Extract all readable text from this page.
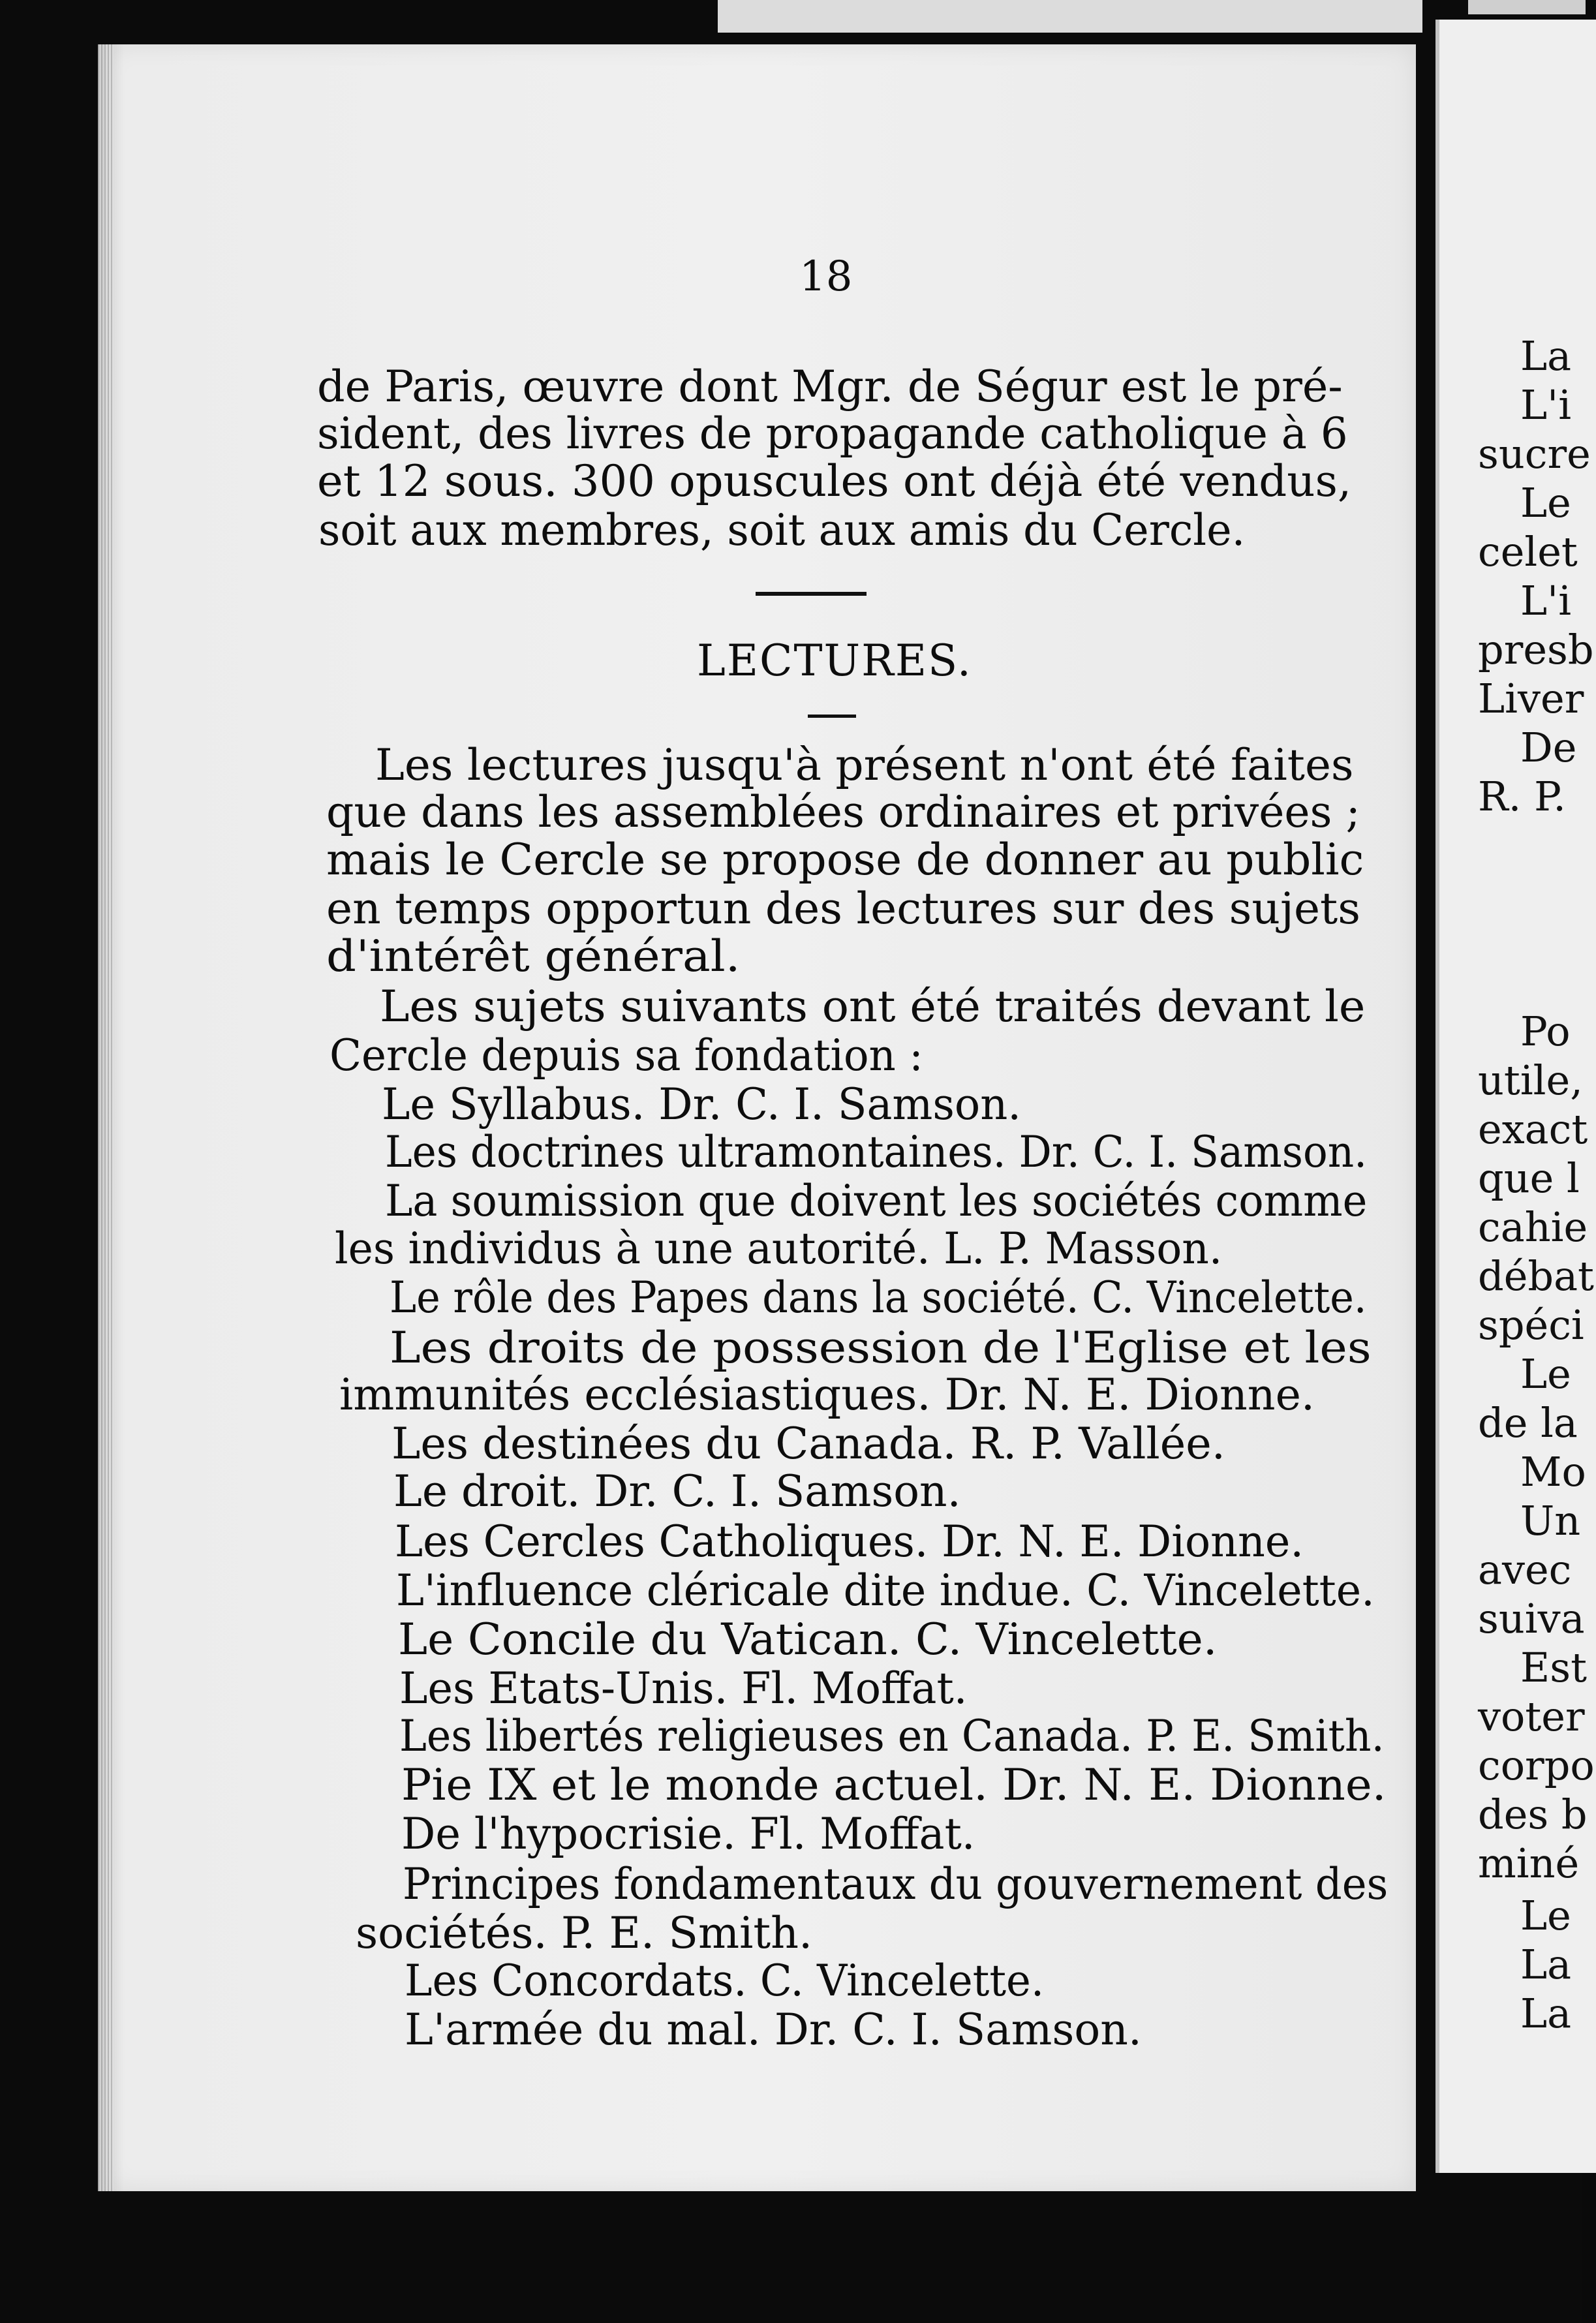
18
de Paris, œuvre dont Mgr. de Ségur est le pré-
sident, des livres de propagande catholique à 6
et 12 sous. 300 opuscules ont déjà été vendus,
soit aux membres, soit aux amis du Cercle.
LECTURES.
Les lectures jusqu'à présent n'ont été faites
que dans les assemblées ordinaires et privées ;
mais le Cercle se propose de donner au public
en temps opportun des lectures sur des sujets
d'intérêt général.
Les sujets suivants ont été traités devant le
Cercle depuis sa fondation :
Le Syllabus. Dr. C. I. Samson.
Les doctrines ultramontaines. Dr. C. I. Samson.
La soumission que doivent les sociétés comme
les individus à une autorité. L. P. Masson.
Le rôle des Papes dans la société. C. Vincelette.
Les droits de possession de l'Eglise et les
immunités ecclésiastiques. Dr. N. E. Dionne.
Les destinées du Canada. R. P. Vallée.
Le droit. Dr. C. I. Samson.
Les Cercles Catholiques. Dr. N. E. Dionne.
L'influence cléricale dite indue. C. Vincelette.
Le Concile du Vatican. C. Vincelette.
Les Etats-Unis. Fl. Moffat.
Les libertés religieuses en Canada. P. E. Smith.
Pie IX et le monde actuel. Dr. N. E. Dionne.
De l'hypocrisie. Fl. Moffat.
Principes fondamentaux du gouvernement des
sociétés. P. E. Smith.
Les Concordats. C. Vincelette.
L'armée du mal. Dr. C. I. Samson.
La
L'i
sucre
Le
celet
L'i
presb
Liver
De
R. P.
Po
utile,
exact
que l
cahie
débat
spéci
Le
de la
Mo
Un
avec
suiva
Est
voter
corpo
des b
miné
Le
La
La
